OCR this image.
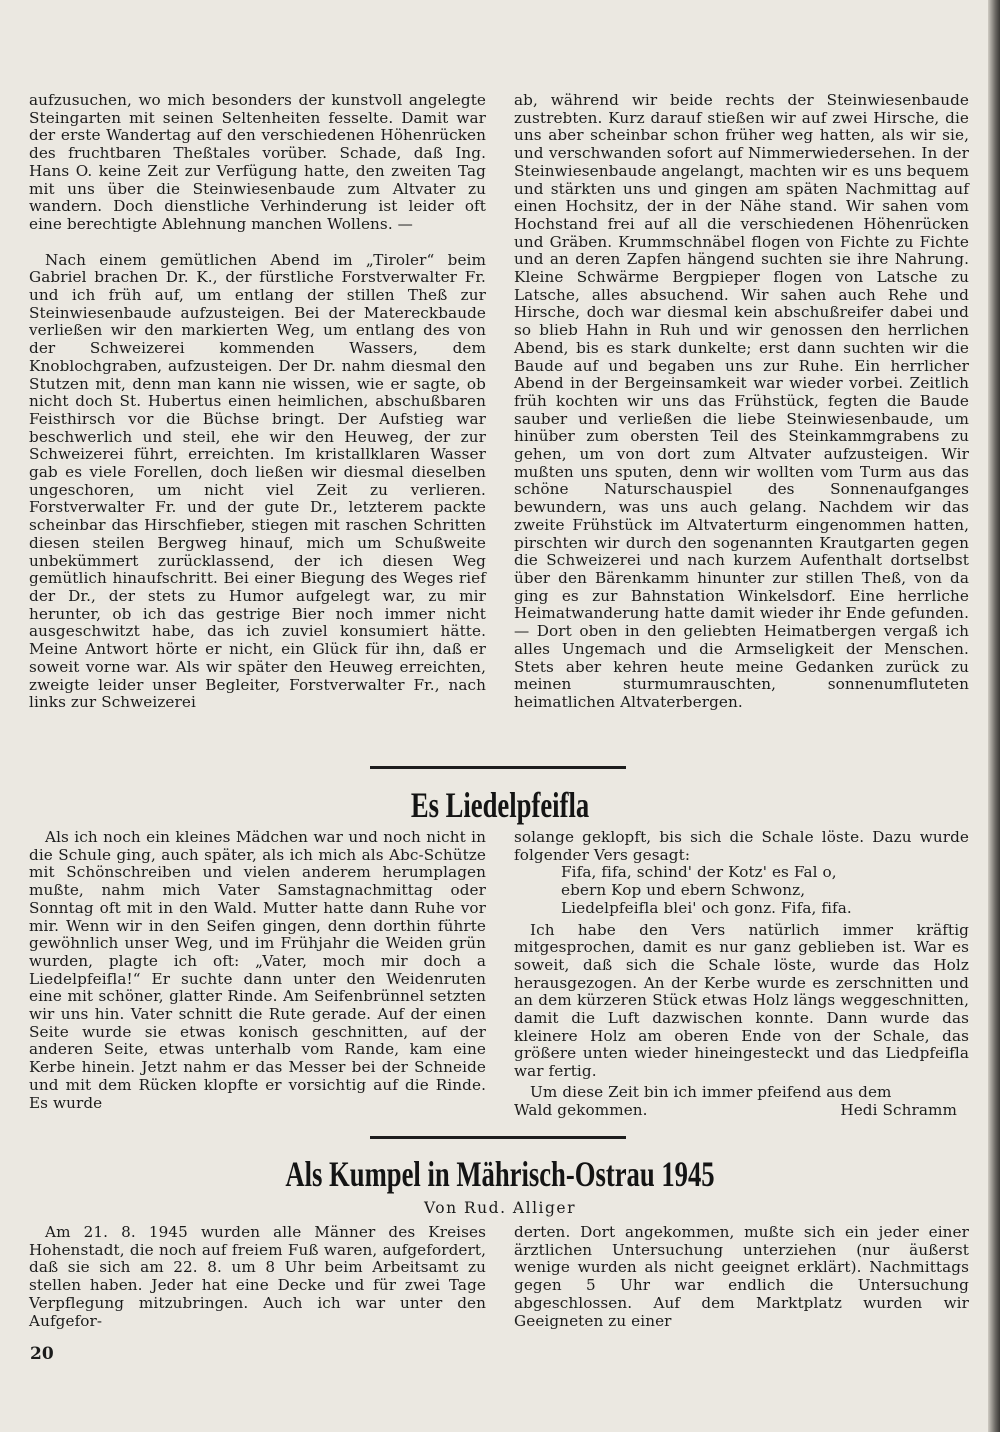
aufzusuchen, wo mich besonders der kunstvoll angelegte Steingarten mit seinen Seltenheiten fesselte. Damit war der erste Wandertag auf den verschiedenen Höhenrücken des fruchtbaren Theßtales vorüber. Schade, daß Ing. Hans O. keine Zeit zur Verfügung hatte, den zweiten Tag mit uns über die Steinwiesenbaude zum Altvater zu wandern. Doch dienstliche Verhinderung ist leider oft eine berechtigte Ablehnung manchen Wollens. —

Nach einem gemütlichen Abend im „Tiroler“ beim Gabriel brachen Dr. K., der fürstliche Forstverwalter Fr. und ich früh auf, um entlang der stillen Theß zur Steinwiesenbaude aufzusteigen. Bei der Matereckbaude verließen wir den markierten Weg, um entlang des von der Schweizerei kommenden Wassers, dem Knoblochgraben, aufzusteigen. Der Dr. nahm diesmal den Stutzen mit, denn man kann nie wissen, wie er sagte, ob nicht doch St. Hubertus einen heimlichen, abschußbaren Feisthirsch vor die Büchse bringt. Der Aufstieg war beschwerlich und steil, ehe wir den Heuweg, der zur Schweizerei führt, erreichten. Im kristallklaren Wasser gab es viele Forellen, doch ließen wir diesmal dieselben ungeschoren, um nicht viel Zeit zu verlieren. Forstverwalter Fr. und der gute Dr., letzterem packte scheinbar das Hirschfieber, stiegen mit raschen Schritten diesen steilen Bergweg hinauf, mich um Schußweite unbekümmert zurücklassend, der ich diesen Weg gemütlich hinaufschritt. Bei einer Biegung des Weges rief der Dr., der stets zu Humor aufgelegt war, zu mir herunter, ob ich das gestrige Bier noch immer nicht ausgeschwitzt habe, das ich zuviel konsumiert hätte. Meine Antwort hörte er nicht, ein Glück für ihn, daß er soweit vorne war. Als wir später den Heuweg erreichten, zweigte leider unser Begleiter, Forstverwalter Fr., nach links zur Schweizerei

ab, während wir beide rechts der Steinwiesenbaude zustrebten. Kurz darauf stießen wir auf zwei Hirsche, die uns aber scheinbar schon früher weg hatten, als wir sie, und verschwanden sofort auf Nimmerwiedersehen. In der Steinwiesenbaude angelangt, machten wir es uns bequem und stärkten uns und gingen am späten Nachmittag auf einen Hochsitz, der in der Nähe stand. Wir sahen vom Hochstand frei auf all die verschiedenen Höhenrücken und Gräben. Krummschnäbel flogen von Fichte zu Fichte und an deren Zapfen hängend suchten sie ihre Nahrung. Kleine Schwärme Bergpieper flogen von Latsche zu Latsche, alles absuchend. Wir sahen auch Rehe und Hirsche, doch war diesmal kein abschußreifer dabei und so blieb Hahn in Ruh und wir genossen den herrlichen Abend, bis es stark dunkelte; erst dann suchten wir die Baude auf und begaben uns zur Ruhe. Ein herrlicher Abend in der Bergeinsamkeit war wieder vorbei. Zeitlich früh kochten wir uns das Frühstück, fegten die Baude sauber und verließen die liebe Steinwiesenbaude, um hinüber zum obersten Teil des Steinkammgrabens zu gehen, um von dort zum Altvater aufzusteigen. Wir mußten uns sputen, denn wir wollten vom Turm aus das schöne Naturschauspiel des Sonnenaufganges bewundern, was uns auch gelang. Nachdem wir das zweite Frühstück im Altvaterturm eingenommen hatten, pirschten wir durch den sogenannten Krautgarten gegen die Schweizerei und nach kurzem Aufenthalt dortselbst über den Bärenkamm hinunter zur stillen Theß, von da ging es zur Bahnstation Winkelsdorf. Eine herrliche Heimatwanderung hatte damit wieder ihr Ende gefunden. — Dort oben in den geliebten Heimatbergen vergaß ich alles Ungemach und die Armseligkeit der Menschen. Stets aber kehren heute meine Gedanken zurück zu meinen sturmumrauschten, sonnenumfluteten heimatlichen Altvaterbergen.

Es Liedelpfeifla

Als ich noch ein kleines Mädchen war und noch nicht in die Schule ging, auch später, als ich mich als Abc-Schütze mit Schönschreiben und vielen anderem herumplagen mußte, nahm mich Vater Samstagnachmittag oder Sonntag oft mit in den Wald. Mutter hatte dann Ruhe vor mir. Wenn wir in den Seifen gingen, denn dorthin führte gewöhnlich unser Weg, und im Frühjahr die Weiden grün wurden, plagte ich oft: „Vater, moch mir doch a Liedelpfeifla!“ Er suchte dann unter den Weidenruten eine mit schöner, glatter Rinde. Am Seifenbrünnel setzten wir uns hin. Vater schnitt die Rute gerade. Auf der einen Seite wurde sie etwas konisch geschnitten, auf der anderen Seite, etwas unterhalb vom Rande, kam eine Kerbe hinein. Jetzt nahm er das Messer bei der Schneide und mit dem Rücken klopfte er vorsichtig auf die Rinde. Es wurde

solange geklopft, bis sich die Schale löste. Dazu wurde folgender Vers gesagt:

Fifa, fifa, schind' der Kotz' es Fal o,
ebern Kop und ebern Schwonz,
Liedelpfeifla blei' och gonz. Fifa, fifa.

Ich habe den Vers natürlich immer kräftig mitgesprochen, damit es nur ganz geblieben ist. War es soweit, daß sich die Schale löste, wurde das Holz herausgezogen. An der Kerbe wurde es zerschnitten und an dem kürzeren Stück etwas Holz längs weggeschnitten, damit die Luft dazwischen konnte. Dann wurde das kleinere Holz am oberen Ende von der Schale, das größere unten wieder hineingesteckt und das Liedpfeifla war fertig.

Um diese Zeit bin ich immer pfeifend aus dem

Wald gekommen.	Hedi Schramm
Als Kumpel in Mährisch-Ostrau 1945
Von Rud. Alliger

Am 21. 8. 1945 wurden alle Männer des Kreises Hohenstadt, die noch auf freiem Fuß waren, aufgefordert, daß sie sich am 22. 8. um 8 Uhr beim Arbeitsamt zu stellen haben. Jeder hat eine Decke und für zwei Tage Verpflegung mitzubringen. Auch ich war unter den Aufgefor-

derten. Dort angekommen, mußte sich ein jeder einer ärztlichen Untersuchung unterziehen (nur äußerst wenige wurden als nicht geeignet erklärt). Nachmittags gegen 5 Uhr war endlich die Untersuchung abgeschlossen. Auf dem Marktplatz wurden wir Geeigneten zu einer

20
